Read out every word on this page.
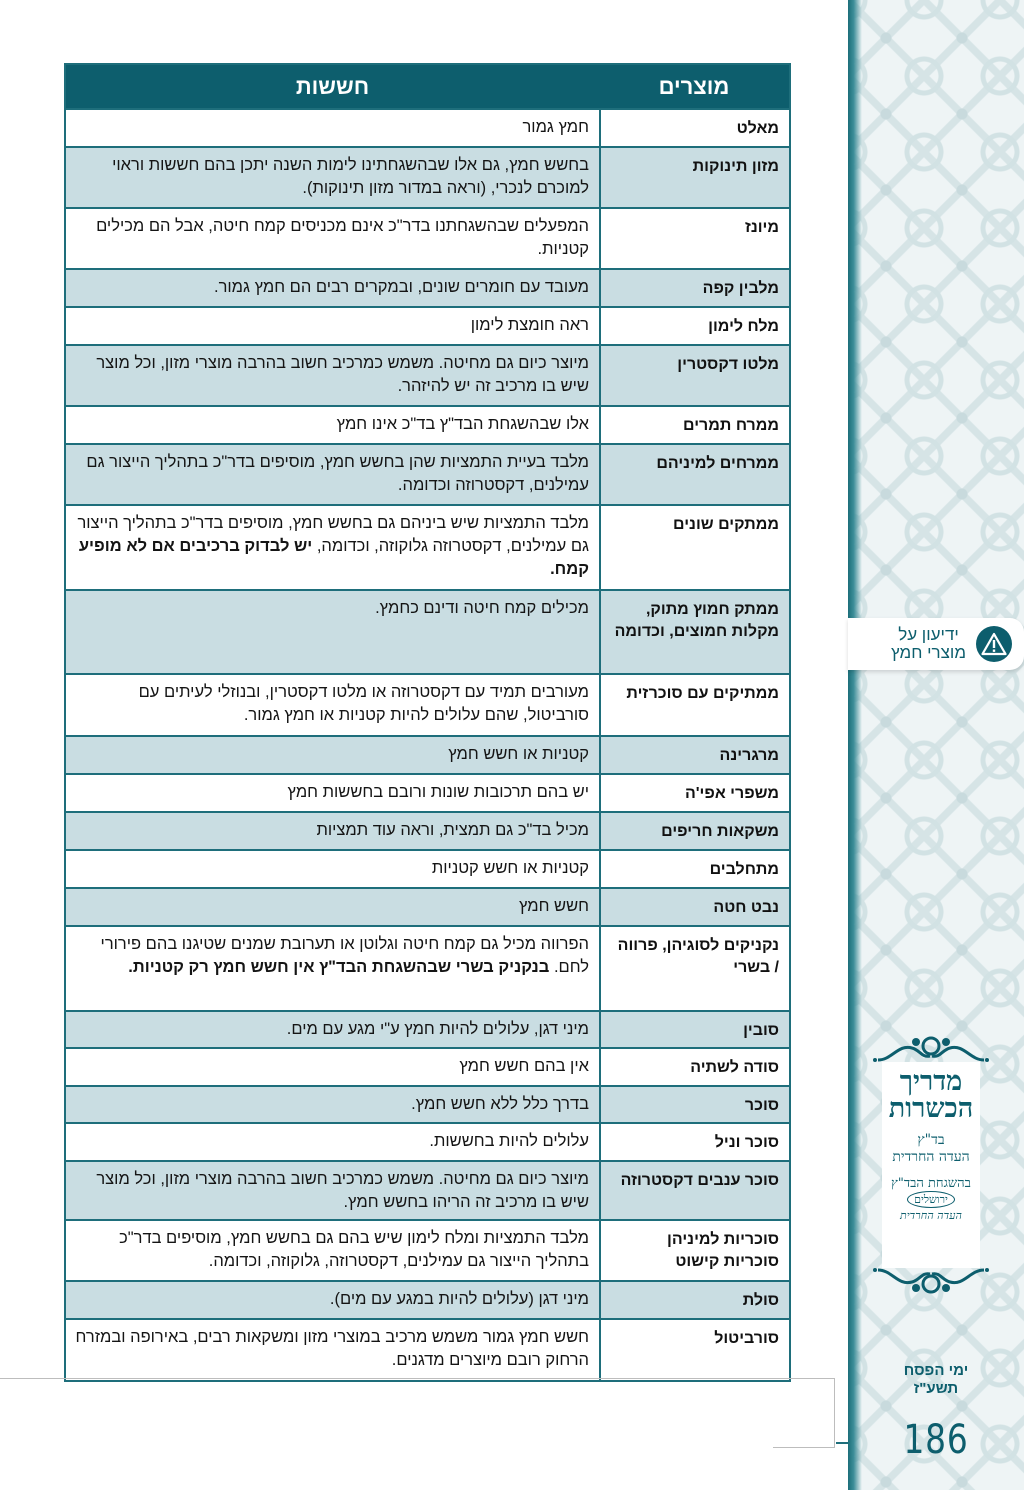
מוצרים
חששות
מאלט
חמץ גמור
מזון תינוקות
בחשש חמץ, גם אלו שבהשגחתינו לימות השנה יתכן בהם חששות וראוי למוכרם לנכרי, (וראה במדור מזון תינוקות).
מיונז
המפעלים שבהשגחתנו בדר"כ אינם מכניסים קמח חיטה, אבל הם מכילים קטניות.
מלבין קפה
מעובד עם חומרים שונים, ובמקרים רבים הם חמץ גמור.
מלח לימון
ראה חומצת לימון
מלטו דקסטרין
מיוצר כיום גם מחיטה. משמש כמרכיב חשוב בהרבה מוצרי מזון, וכל מוצר שיש בו מרכיב זה יש להיזהר.
ממרח תמרים
אלו שבהשגחת הבד"ץ בד"כ אינו חמץ
ממרחים למיניהם
מלבד בעיית התמציות שהן בחשש חמץ, מוסיפים בדר"כ בתהליך הייצור גם עמילנים, דקסטרוזה וכדומה.
ממתקים שונים
מלבד התמציות שיש ביניהם גם בחשש חמץ, מוסיפים בדר"כ בתהליך הייצור גם עמילנים, דקסטרוזה גלוקוזה, וכדומה, יש לבדוק ברכיבים אם לא מופיע קמח.
ממתק חמוץ מתוק, מקלות חמוצים, וכדומה
מכילים קמח חיטה ודינם כחמץ.
ממתיקים עם סוכרזית
מעורבים תמיד עם דקסטרוזה או מלטו דקסטרין, ובנוזלי לעיתים עם סורביטול, שהם עלולים להיות קטניות או חמץ גמור.
מרגרינה
קטניות או חשש חמץ
משפרי אפי'ה
יש בהם תרכובות שונות ורובם בחששות חמץ
משקאות חריפים
מכיל בד"כ גם תמצית, וראה עוד תמציות
מתחלבים
קטניות או חשש קטניות
נבט חטה
חשש חמץ
נקניקים לסוגיהן, פרווה / בשרי
הפרווה מכיל גם קמח חיטה וגלוטן או תערובת שמנים שטיגנו בהם פירורי לחם. בנקניק בשרי שבהשגחת הבד"ץ אין חשש חמץ רק קטניות.
סובין
מיני דגן, עלולים להיות חמץ ע"י מגע עם מים.
סודה לשתיה
אין בהם חשש חמץ
סוכר
בדרך כלל ללא חשש חמץ.
סוכר וניל
עלולים להיות בחששות.
סוכר ענבים דקסטרוזה
מיוצר כיום גם מחיטה. משמש כמרכיב חשוב בהרבה מוצרי מזון, וכל מוצר שיש בו מרכיב זה הריהו בחשש חמץ.
סוכריות למיניהן סוכריות קישוט
מלבד התמציות ומלח לימון שיש בהם גם בחשש חמץ, מוסיפים בדר"כ בתהליך הייצור גם עמילנים, דקסטרוזה, גלוקוזה, וכדומה.
סולת
מיני דגן (עלולים להיות במגע עם מים).
סורביטול
חשש חמץ גמור משמש מרכיב במוצרי מזון ומשקאות רבים, באירופה ובמזרח הרחוק רובם מיוצרים מדגנים.
ידיעון על
מוצרי חמץ
מדריך
הכשרות
בד"ץ
העדה החרדית
בהשגחת הבד"ץ
ירושלים
העדה החרדית
ימי הפסח
תשע"ז
186
